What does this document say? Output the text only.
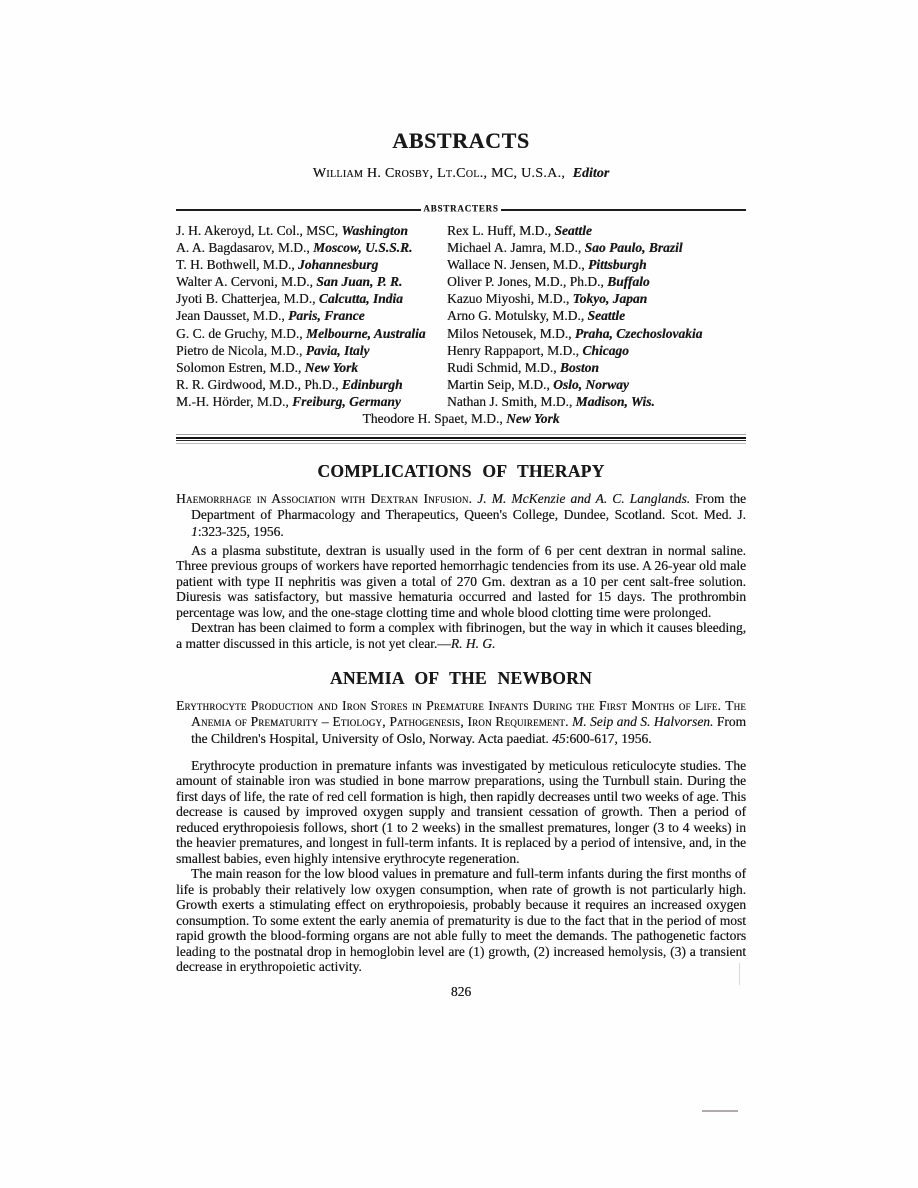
ABSTRACTS
William H. Crosby, Lt.Col., MC, U.S.A., Editor
ABSTRACTERS
J. H. Akeroyd, Lt. Col., MSC, Washington
A. A. Bagdasarov, M.D., Moscow, U.S.S.R.
T. H. Bothwell, M.D., Johannesburg
Walter A. Cervoni, M.D., San Juan, P. R.
Jyoti B. Chatterjea, M.D., Calcutta, India
Jean Dausset, M.D., Paris, France
G. C. de Gruchy, M.D., Melbourne, Australia
Pietro de Nicola, M.D., Pavia, Italy
Solomon Estren, M.D., New York
R. R. Girdwood, M.D., Ph.D., Edinburgh
M.-H. Hörder, M.D., Freiburg, Germany
Rex L. Huff, M.D., Seattle
Michael A. Jamra, M.D., Sao Paulo, Brazil
Wallace N. Jensen, M.D., Pittsburgh
Oliver P. Jones, M.D., Ph.D., Buffalo
Kazuo Miyoshi, M.D., Tokyo, Japan
Arno G. Motulsky, M.D., Seattle
Milos Netousek, M.D., Praha, Czechoslovakia
Henry Rappaport, M.D., Chicago
Rudi Schmid, M.D., Boston
Martin Seip, M.D., Oslo, Norway
Nathan J. Smith, M.D., Madison, Wis.
Theodore H. Spaet, M.D., New York
COMPLICATIONS OF THERAPY

Haemorrhage in Association with Dextran Infusion. J. M. McKenzie and A. C. Langlands. From the Department of Pharmacology and Therapeutics, Queen's College, Dundee, Scotland. Scot. Med. J. 1:323-325, 1956.

As a plasma substitute, dextran is usually used in the form of 6 per cent dextran in normal saline. Three previous groups of workers have reported hemorrhagic tendencies from its use. A 26-year old male patient with type II nephritis was given a total of 270 Gm. dextran as a 10 per cent salt-free solution. Diuresis was satisfactory, but massive hematuria occurred and lasted for 15 days. The prothrombin percentage was low, and the one-stage clotting time and whole blood clotting time were prolonged.

Dextran has been claimed to form a complex with fibrinogen, but the way in which it causes bleeding, a matter discussed in this article, is not yet clear.—R. H. G.

ANEMIA OF THE NEWBORN

Erythrocyte Production and Iron Stores in Premature Infants During the First Months of Life. The Anemia of Prematurity – Etiology, Pathogenesis, Iron Requirement. M. Seip and S. Halvorsen. From the Children's Hospital, University of Oslo, Norway. Acta paediat. 45:600-617, 1956.

Erythrocyte production in premature infants was investigated by meticulous reticulocyte studies. The amount of stainable iron was studied in bone marrow preparations, using the Turnbull stain. During the first days of life, the rate of red cell formation is high, then rapidly decreases until two weeks of age. This decrease is caused by improved oxygen supply and transient cessation of growth. Then a period of reduced erythropoiesis follows, short (1 to 2 weeks) in the smallest prematures, longer (3 to 4 weeks) in the heavier prematures, and longest in full-term infants. It is replaced by a period of intensive, and, in the smallest babies, even highly intensive erythrocyte regeneration.

The main reason for the low blood values in premature and full-term infants during the first months of life is probably their relatively low oxygen consumption, when rate of growth is not particularly high. Growth exerts a stimulating effect on erythropoiesis, probably because it requires an increased oxygen consumption. To some extent the early anemia of prematurity is due to the fact that in the period of most rapid growth the blood-forming organs are not able fully to meet the demands. The pathogenetic factors leading to the postnatal drop in hemoglobin level are (1) growth, (2) increased hemolysis, (3) a transient decrease in erythropoietic activity.

826
